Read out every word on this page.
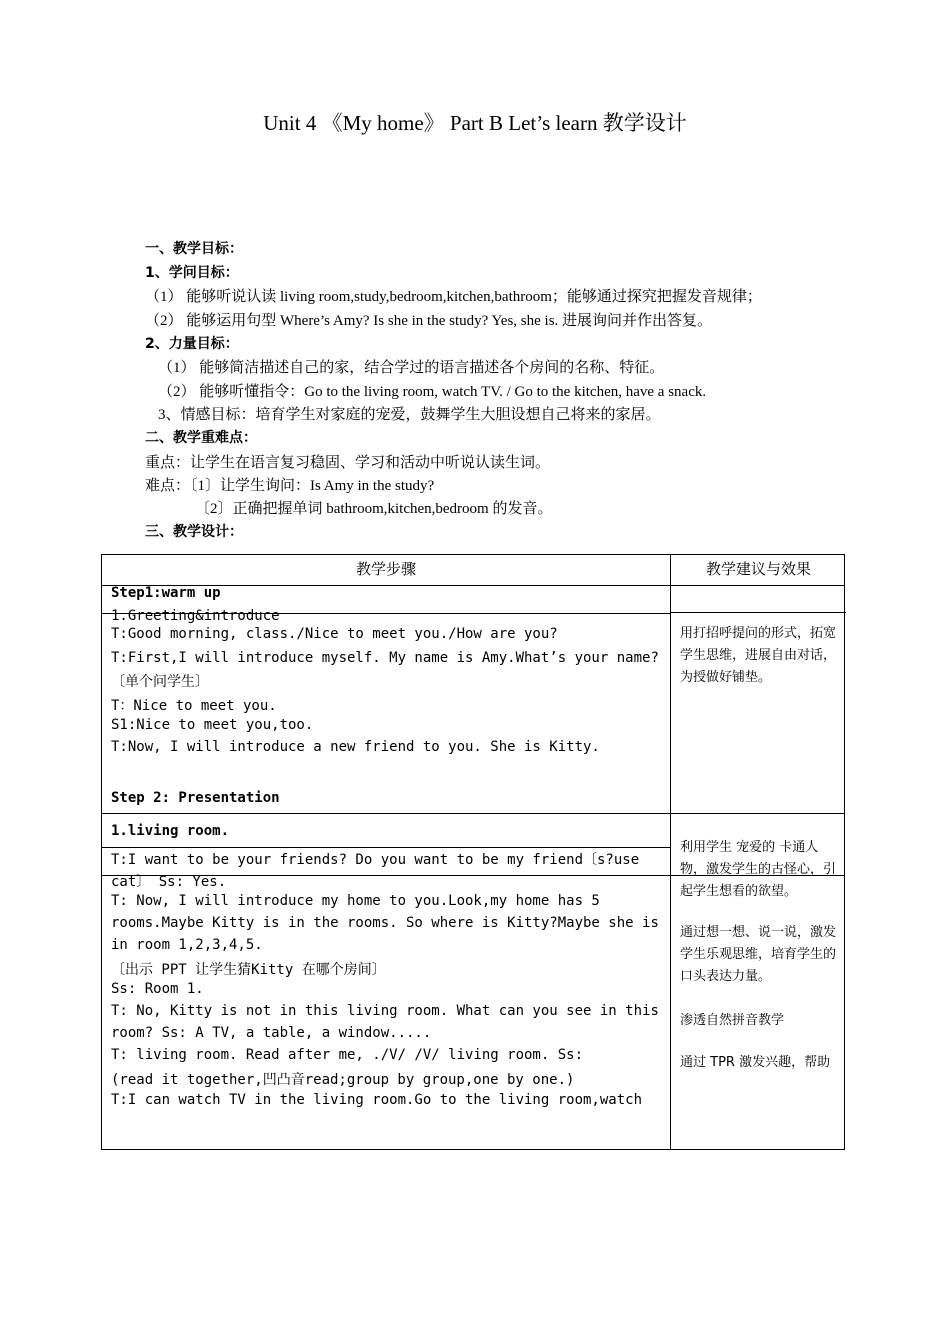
Unit 4 《My home》 Part B Let’s learn 教学设计
一、教学目标：
1、学问目标：
（1） 能够听说认读 living room,study,bedroom,kitchen,bathroom；能够通过探究把握发音规律；
（2） 能够运用句型 Where’s Amy? Is she in the study? Yes, she is. 进展询问并作出答复。
2、力量目标：
（1） 能够简洁描述自己的家，结合学过的语言描述各个房间的名称、特征。
（2） 能够听懂指令：Go to the living room, watch TV. / Go to the kitchen, have a snack.
3、情感目标：培育学生对家庭的宠爱，鼓舞学生大胆设想自己将来的家居。
二、教学重难点：
重点：让学生在语言复习稳固、学习和活动中听说认读生词。
难点：〔1〕让学生询问：Is Amy in the study?
〔2〕正确把握单词 bathroom,kitchen,bedroom 的发音。
三、教学设计：
教学步骤	教学建议与效果
Step1:warm up
1.Greeting&introduce
T:Good morning, class./Nice to meet you./How are you?
T:First,I will introduce myself. My name is Amy.What’s your name?
〔单个问学生〕
T：Nice to meet you.
S1:Nice to meet you,too.
T:Now, I will introduce a new friend to you. She is Kitty.
Step 2: Presentation
1.living room.
T:I want to be your friends? Do you want to be my friend〔s?use
cat〕 Ss: Yes.
T: Now, I will introduce my home to you.Look,my home has 5
rooms.Maybe Kitty is in the rooms. So where is Kitty?Maybe she is
in room 1,2,3,4,5.
〔出示 PPT 让学生猜Kitty 在哪个房间〕
Ss: Room 1.
T: No, Kitty is not in this living room. What can you see in this
room? Ss: A TV, a table, a window.....
T: living room. Read after me, ./V/ /V/ living room. Ss:
(read it together,凹凸音read;group by group,one by one.)
T:I can watch TV in the living room.Go to the living room,watch
用打招呼提问的形式，拓宽学生思维，进展自由对话，为授做好铺垫。
利用学生 宠爱的 卡通人物，激发学生的古怪心，引起学生想看的欲望。
通过想一想、说一说，激发学生乐观思维，培育学生的口头表达力量。
渗透自然拼音教学
通过 TPR 激发兴趣，帮助
